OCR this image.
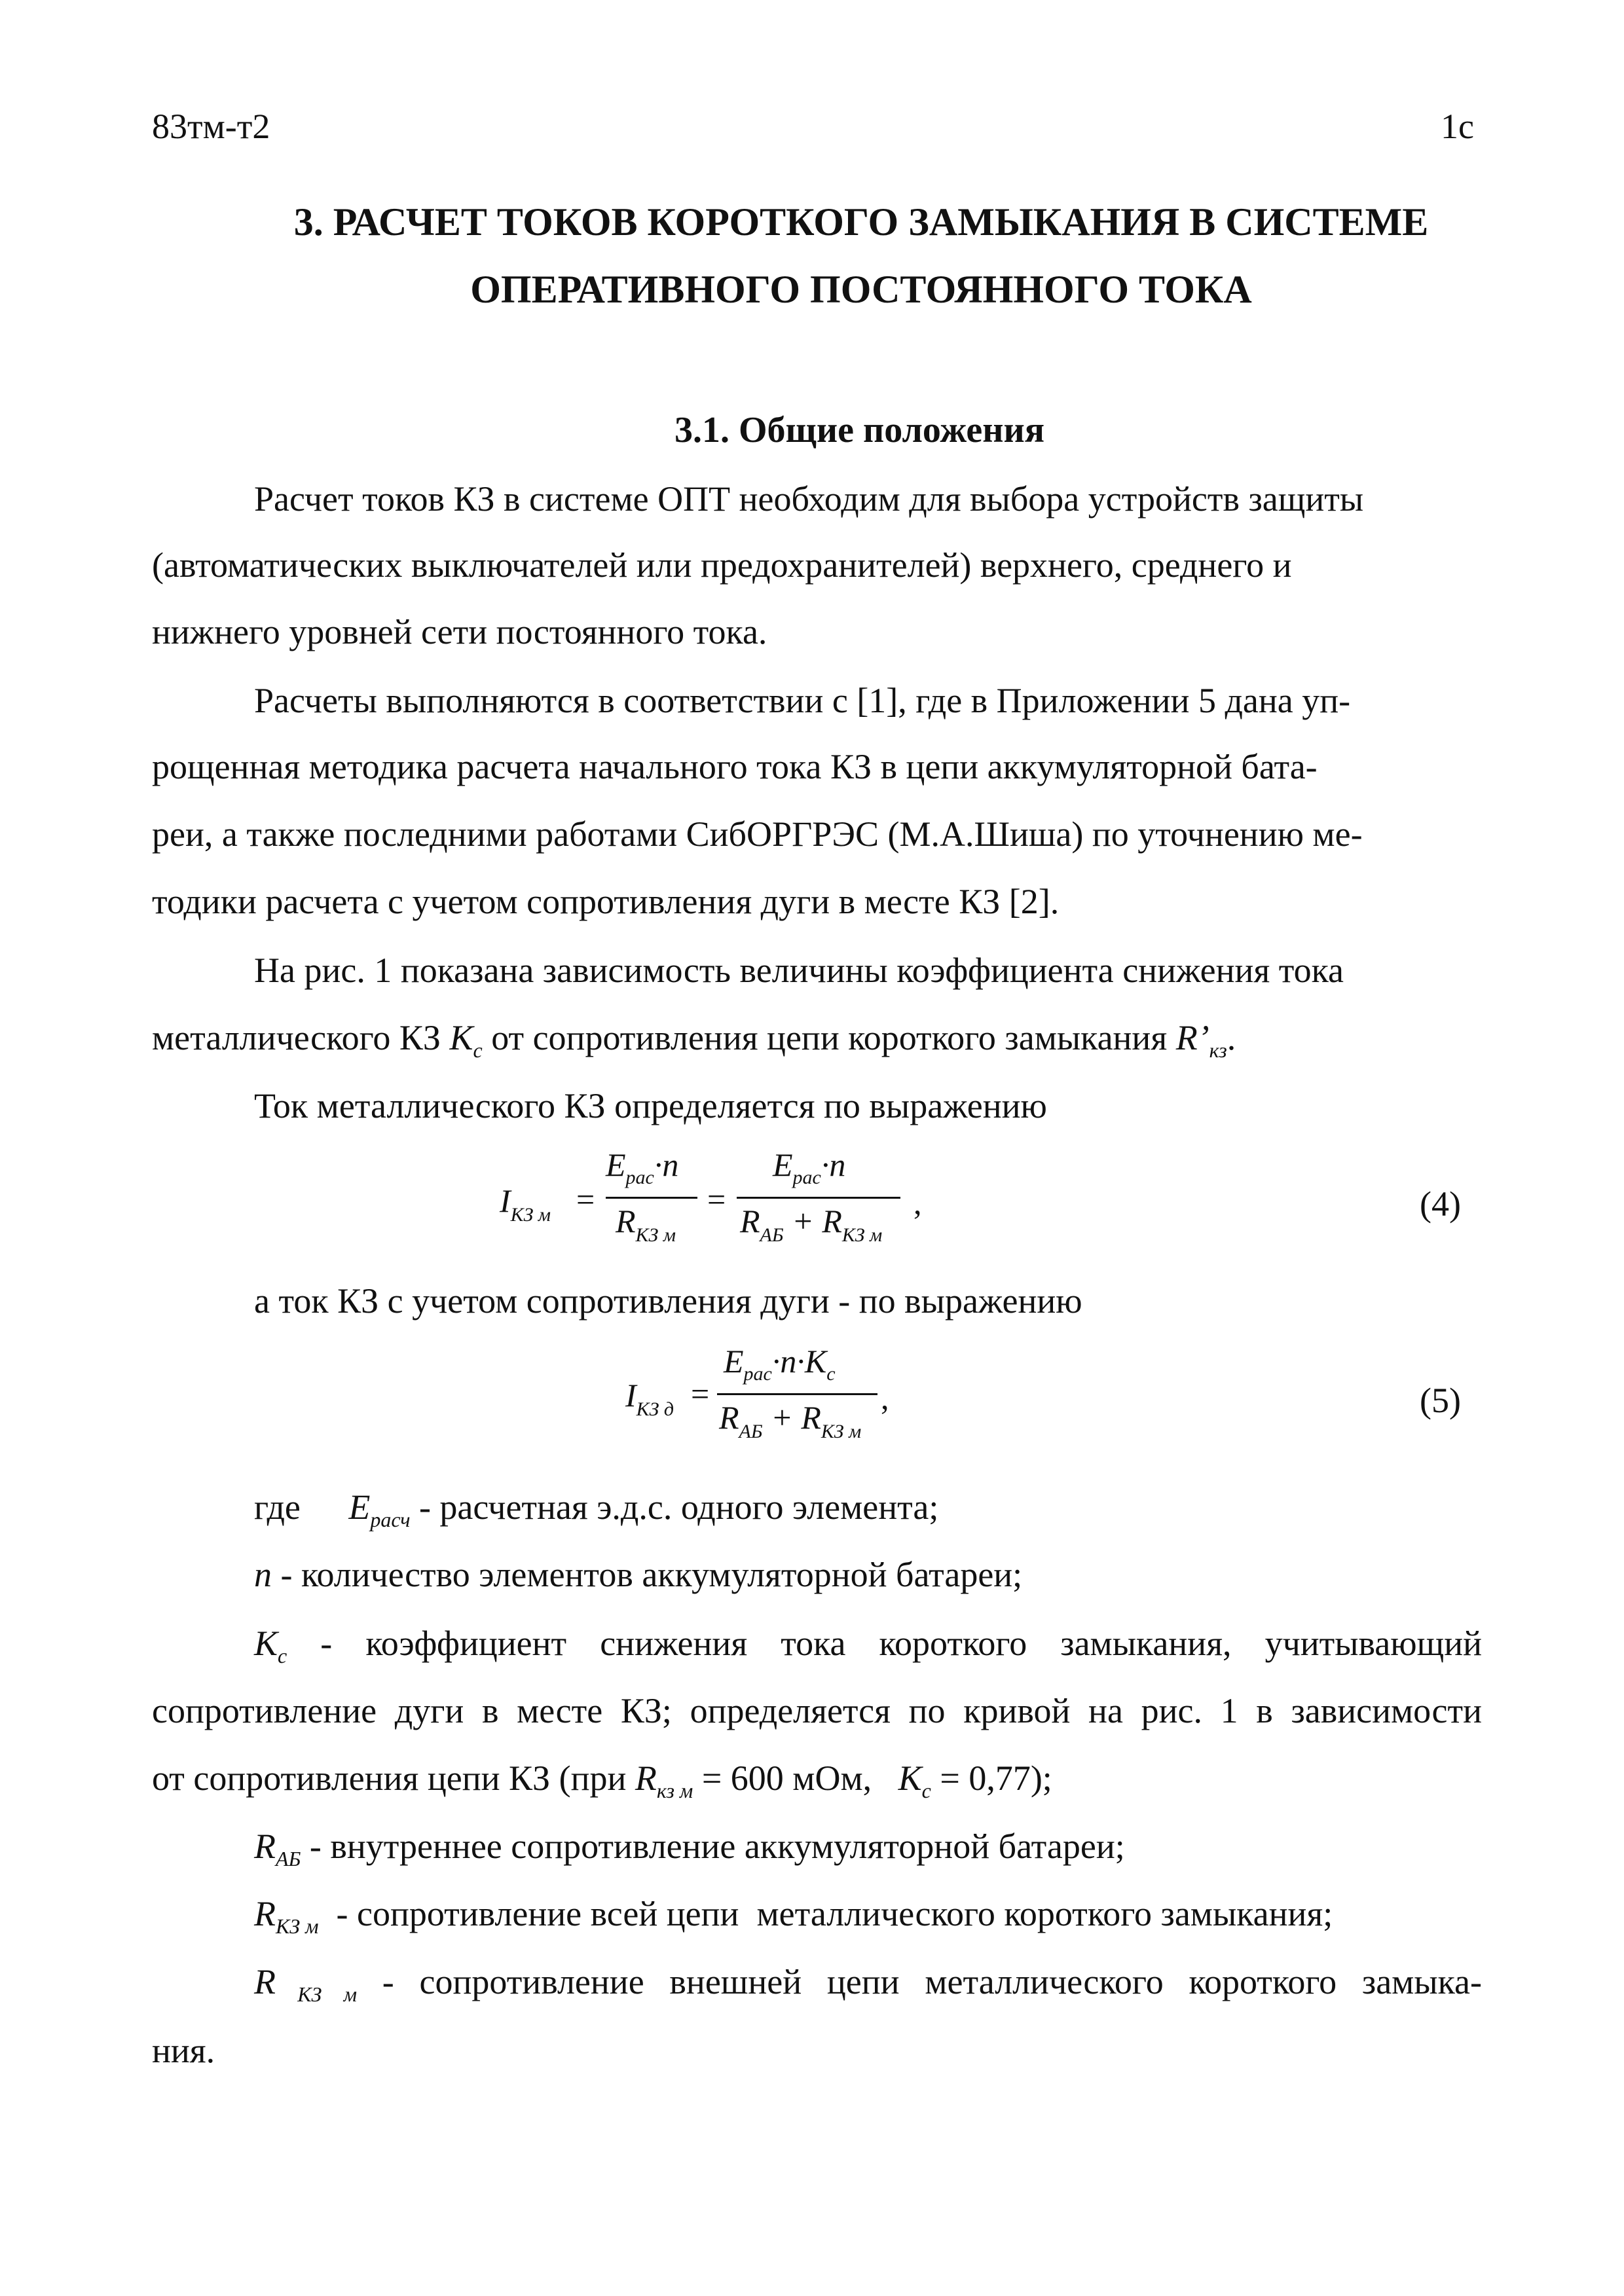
83тм-т2	1с
3. РАСЧЕТ ТОКОВ КОРОТКОГО ЗАМЫКАНИЯ В СИСТЕМЕ
ОПЕРАТИВНОГО ПОСТОЯННОГО ТОКА
3.1. Общие положения
Расчет токов КЗ в системе ОПТ необходим для выбора устройств защиты
(автоматических выключателей или предохранителей) верхнего, среднего и
нижнего уровней сети постоянного тока.
Расчеты выполняются в соответствии с [1], где в Приложении 5 дана уп-
рощенная методика расчета начального тока КЗ в цепи аккумуляторной бата-
реи, а также последними работами СибОРГРЭС (М.А.Шиша) по уточнению ме-
тодики расчета с учетом сопротивления дуги в месте КЗ [2].
На рис. 1 показана зависимость величины коэффициента снижения тока
металлического КЗ $K_с$ от сопротивления цепи короткого замыкания $R’_{кз}$.
Ток металлического КЗ определяется по выражению
$I_{КЗ м}$ =
$E_{рас}\cdot n$
$R_{КЗ м}$
=
$E_{рас}\cdot n$
$R_{АБ} + R_{КЗ м}$
,	(4)
а ток КЗ с учетом сопротивления дуги - по выражению
$I_{КЗ д}$ =
$E_{рас}\cdot n\cdot K_с$
$R_{АБ} + R_{КЗ м}$
,	(5)
где $E_{расч}$ - расчетная э.д.с. одного элемента;
n - количество элементов аккумуляторной батареи;
$K_с$ - коэффициент снижения тока короткого замыкания, учитывающий
сопротивление дуги в месте КЗ; определяется по кривой на рис. 1 в зависимости
от сопротивления цепи КЗ (при $R_{кз м} = 600$ мОм,   $K_с = 0,77$);
$R_{АБ}$ - внутреннее сопротивление аккумуляторной батареи;
$R_{КЗ м}$  - сопротивление всей цепи  металлического короткого замыкания;
R $_{КЗ м}$ - сопротивление внешней цепи металлического короткого замыка-
ния.
